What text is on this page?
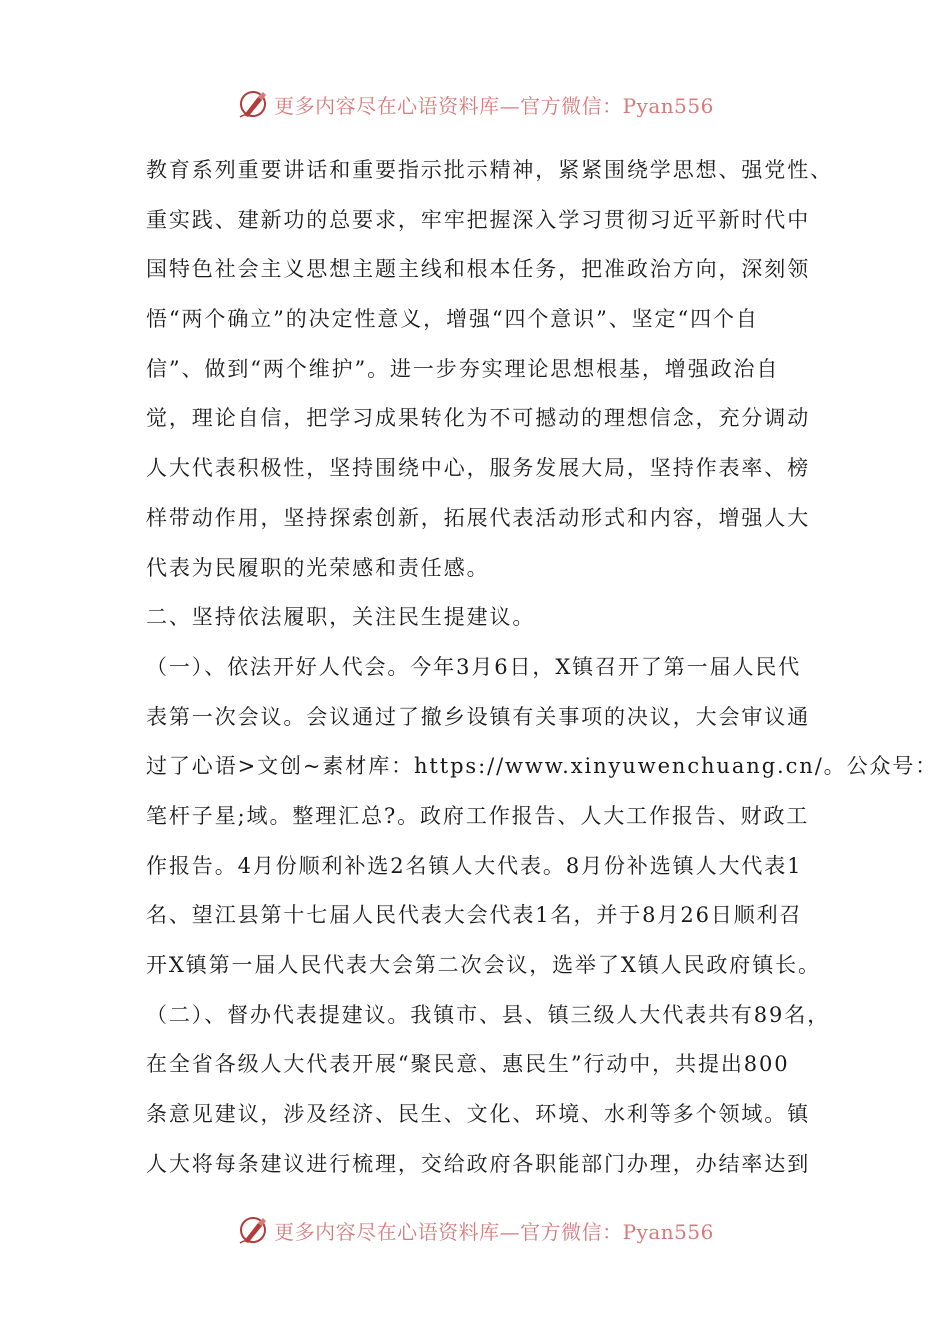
更多内容尽在心语资料库—官方微信：Pyan556
教育系列重要讲话和重要指示批示精神，紧紧围绕学思想、强党性、
重实践、建新功的总要求，牢牢把握深入学习贯彻习近平新时代中
国特色社会主义思想主题主线和根本任务，把准政治方向，深刻领
悟“两个确立”的决定性意义，增强“四个意识”、坚定“四个自
信”、做到“两个维护”。进一步夯实理论思想根基，增强政治自
觉，理论自信，把学习成果转化为不可撼动的理想信念，充分调动
人大代表积极性，坚持围绕中心，服务发展大局，坚持作表率、榜
样带动作用，坚持探索创新，拓展代表活动形式和内容，增强人大
代表为民履职的光荣感和责任感。
二、坚持依法履职，关注民生提建议。
（一）、依法开好人代会。今年3月6日，X镇召开了第一届人民代
表第一次会议。会议通过了撤乡设镇有关事项的决议，大会审议通
过了心语>文创~素材库：https://www.xinyuwenchuang.cn/。公众号：
笔杆子星;域。整理汇总?。政府工作报告、人大工作报告、财政工
作报告。4月份顺利补选2名镇人大代表。8月份补选镇人大代表1
名、望江县第十七届人民代表大会代表1名，并于8月26日顺利召
开X镇第一届人民代表大会第二次会议，选举了X镇人民政府镇长。
（二）、督办代表提建议。我镇市、县、镇三级人大代表共有89名，
在全省各级人大代表开展“聚民意、惠民生”行动中，共提出800
条意见建议，涉及经济、民生、文化、环境、水利等多个领域。镇
人大将每条建议进行梳理，交给政府各职能部门办理，办结率达到
更多内容尽在心语资料库—官方微信：Pyan556
